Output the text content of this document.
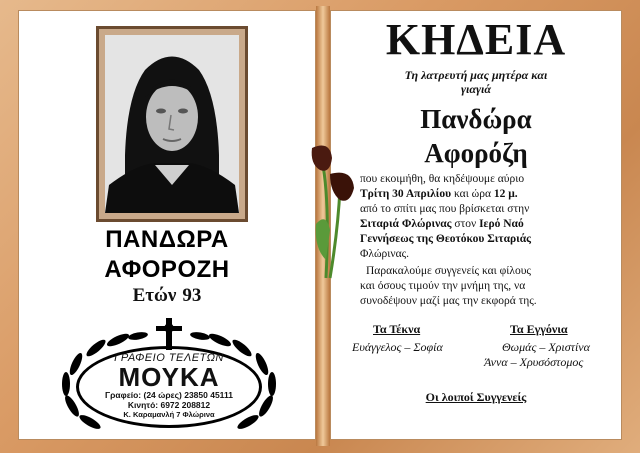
ΠΑΝΔΩΡΑ
ΑΦΟΡΟΖΗ
Ετών 93
ΓΡΑΦΕΙΟ ΤΕΛΕΤΩΝ
ΜΟΥΚΑ
Γραφείο: (24 ώρες) 23850 45111
Κινητό: 6972 208812
Κ. Καραμανλή 7 Φλώρινα
ΚΗΔΕΙΑ
Τη λατρευτή μας μητέρα και
γιαγιά
Πανδώρα
Αφορόζη
που εκοιμήθη, θα κηδέψουμε αύριο
Τρίτη 30 Απριλίου και ώρα 12 μ.
από το σπίτι μας που βρίσκεται στην
Σιταριά Φλώρινας στον Ιερό Ναό
Γεννήσεως της Θεοτόκου Σιταριάς
Φλώρινας.
Παρακαλούμε συγγενείς και φίλους
και όσους τιμούν την μνήμη της, να
συνοδέψουν μαζί μας την εκφορά της.
Τα Τέκνα	Τα Εγγόνια
Ευάγγελος – Σοφία	Θωμάς – Χριστίνα
Άννα – Χρυσόστομος
Οι λοιποί Συγγενείς
